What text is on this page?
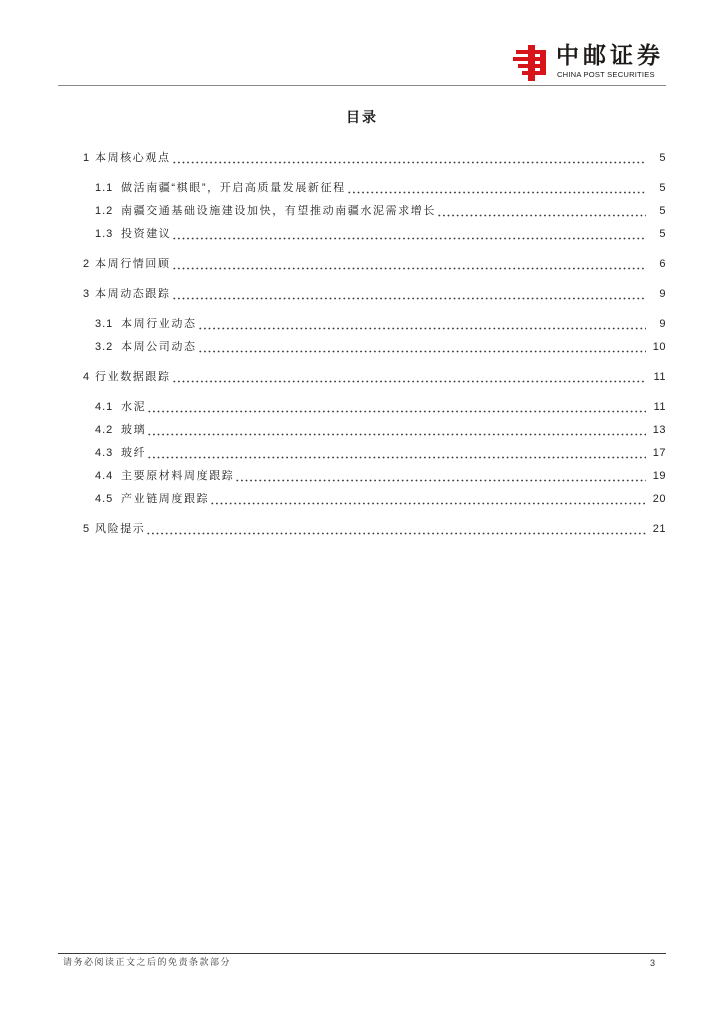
中邮证券
CHINA POST SECURITIES
目录
1 本周核心观点	5
1.1 做活南疆“棋眼”，开启高质量发展新征程	5
1.2 南疆交通基础设施建设加快，有望推动南疆水泥需求增长	5
1.3 投资建议	5
2 本周行情回顾	6
3 本周动态跟踪	9
3.1 本周行业动态	9
3.2 本周公司动态	10
4 行业数据跟踪	11
4.1 水泥	11
4.2 玻璃	13
4.3 玻纤	17
4.4 主要原材料周度跟踪	19
4.5 产业链周度跟踪	20
5 风险提示	21
请务必阅读正文之后的免责条款部分	3
